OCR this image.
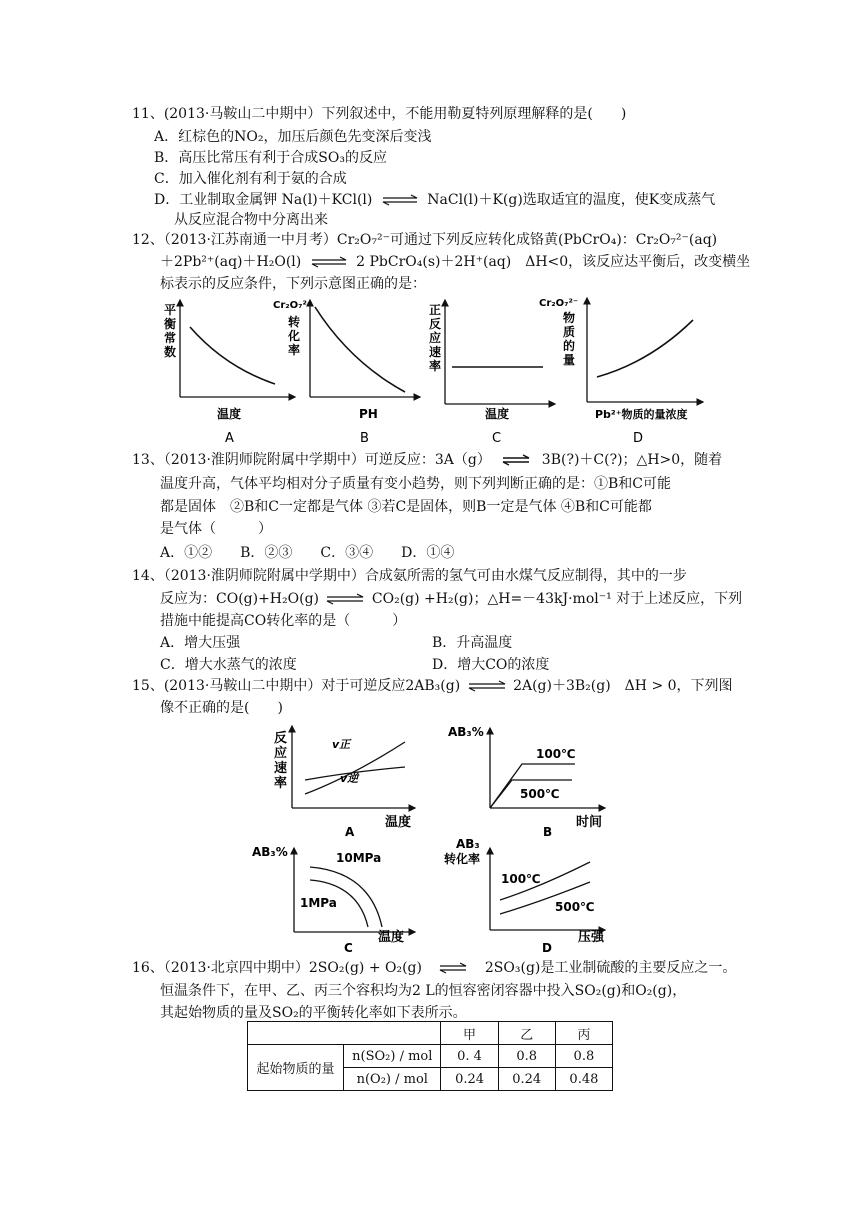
11、(2013·马鞍山二中期中）下列叙述中，不能用勒夏特列原理解释的是(　　)
A．红棕色的NO₂，加压后颜色先变深后变浅
B．高压比常压有利于合成SO₃的反应
C．加入催化剂有利于氨的合成
D．工业制取金属钾 Na(l)＋KCl(l) ⇌ NaCl(l)＋K(g)选取适宜的温度，使K变成蒸气
从反应混合物中分离出来
12、（2013·江苏南通一中月考）Cr₂O₇²⁻可通过下列反应转化成铬黄(PbCrO₄)：Cr₂O₇²⁻(aq)
＋2Pb²⁺(aq)＋H₂O(l) ⇌ 2 PbCrO₄(s)＋2H⁺(aq)　ΔH<0，该反应达平衡后，改变横坐
标表示的反应条件，下列示意图正确的是：
平
衡
常
数
温度
A
Cr₂O₇²⁻
转
化
率
PH
B
正
反
应
速
率
温度
C
Cr₂O₇²⁻
物
质
的
量
Pb²⁺物质的量浓度
D
13、（2013·淮阴师院附属中学期中）可逆反应：3A（g） ⇌ 3B(?)＋C(?)；△H>0，随着
温度升高，气体平均相对分子质量有变小趋势，则下列判断正确的是：①B和C可能
都是固体　②B和C一定都是气体 ③若C是固体，则B一定是气体 ④B和C可能都
是气体（　　　）
A．①②　　B．②③　　C．③④　　D．①④
14、（2013·淮阴师院附属中学期中）合成氨所需的氢气可由水煤气反应制得，其中的一步
反应为：CO(g)+H₂O(g) ⇌ CO₂(g) +H₂(g)；△H=－43kJ·mol⁻¹ 对于上述反应，下列
措施中能提高CO转化率的是（　　　）
A．增大压强	B．升高温度
C．增大水蒸气的浓度	D．增大CO的浓度
15、(2013·马鞍山二中期中）对于可逆反应2AB₃(g) ⇌ 2A(g)＋3B₂(g)　ΔH > 0，下列图
像不正确的是(　　)
反
应
速
率
v正
v逆
温度
A
AB₃%
100℃
500℃
时间
B
AB₃%	10MPa
1MPa
温度
C
AB₃
转化率
100℃
500℃
压强
D
16、（2013·北京四中期中）2SO₂(g) + O₂(g) ⇌ 2SO₃(g)是工业制硫酸的主要反应之一。
恒温条件下，在甲、乙、丙三个容积均为2 L的恒容密闭容器中投入SO₂(g)和O₂(g)，
其起始物质的量及SO₂的平衡转化率如下表所示。
		甲	乙	丙
起始物质的量	n(SO₂) / mol	0. 4	0.8	0.8
	n(O₂) / mol	0.24	0.24	0.48
